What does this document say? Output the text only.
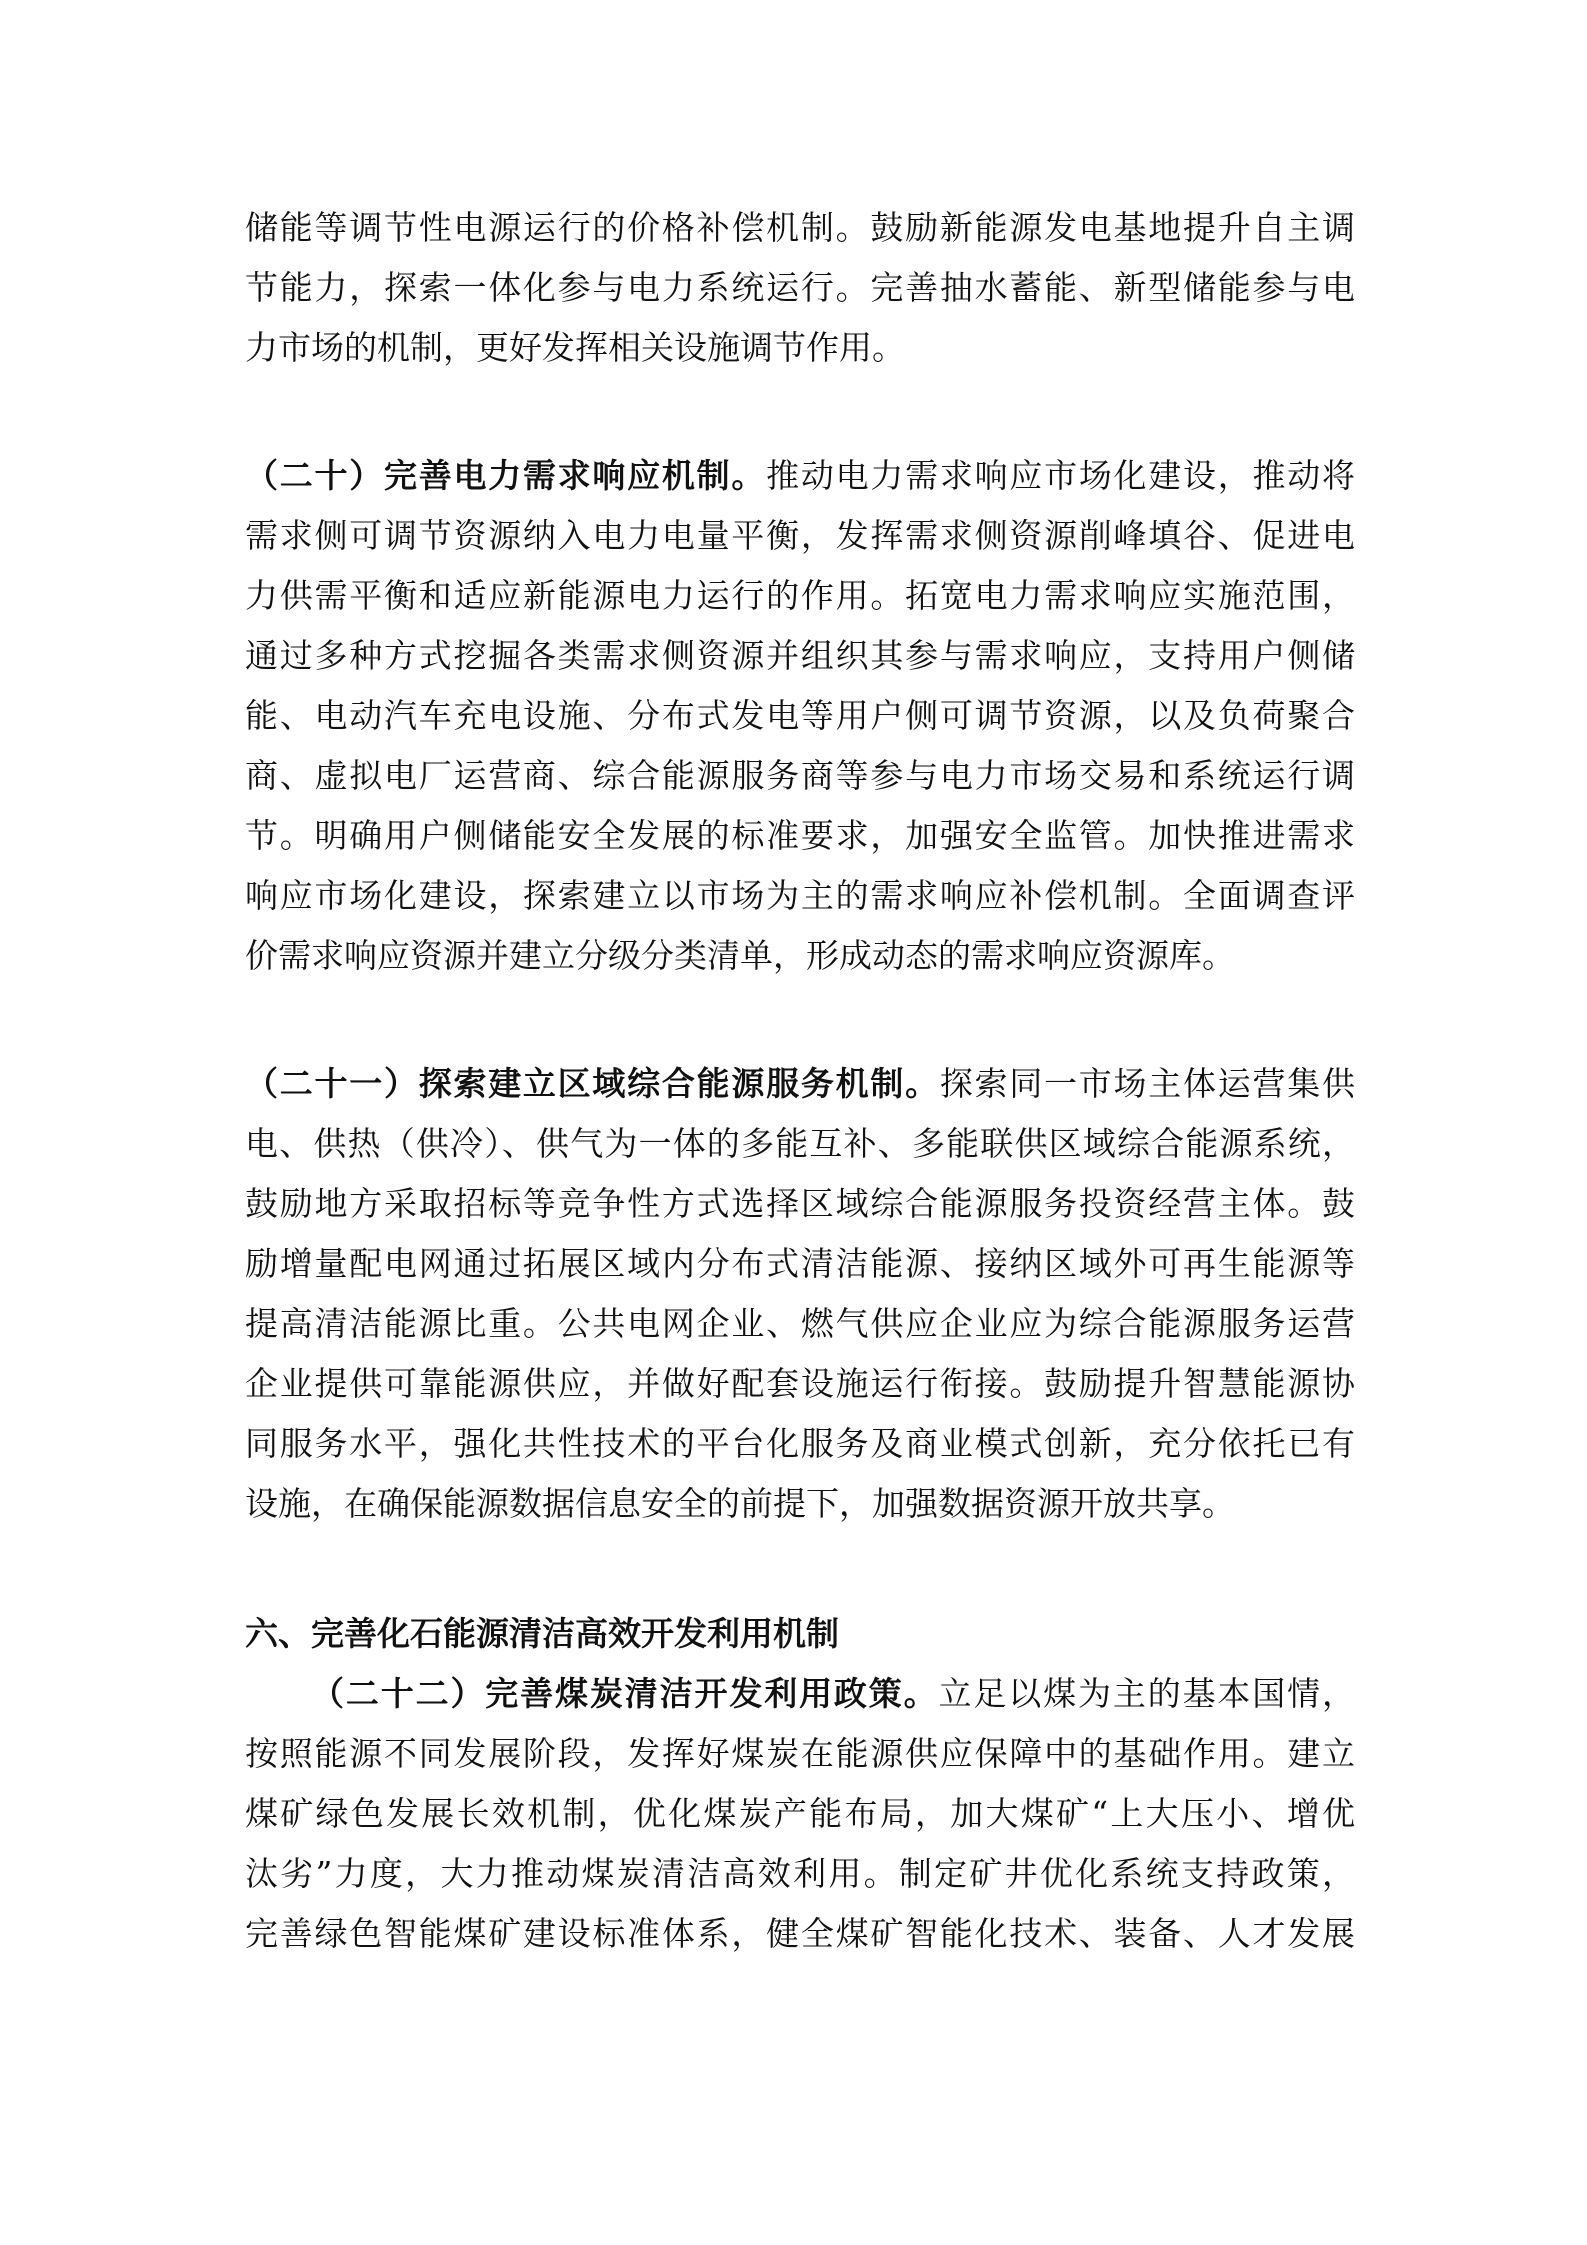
储能等调节性电源运行的价格补偿机制。鼓励新能源发电基地提升自主调
节能力，探索一体化参与电力系统运行。完善抽水蓄能、新型储能参与电
力市场的机制，更好发挥相关设施调节作用。
（二十）完善电力需求响应机制。推动电力需求响应市场化建设，推动将
需求侧可调节资源纳入电力电量平衡，发挥需求侧资源削峰填谷、促进电
力供需平衡和适应新能源电力运行的作用。拓宽电力需求响应实施范围，
通过多种方式挖掘各类需求侧资源并组织其参与需求响应，支持用户侧储
能、电动汽车充电设施、分布式发电等用户侧可调节资源，以及负荷聚合
商、虚拟电厂运营商、综合能源服务商等参与电力市场交易和系统运行调
节。明确用户侧储能安全发展的标准要求，加强安全监管。加快推进需求
响应市场化建设，探索建立以市场为主的需求响应补偿机制。全面调查评
价需求响应资源并建立分级分类清单，形成动态的需求响应资源库。
（二十一）探索建立区域综合能源服务机制。探索同一市场主体运营集供
电、供热（供冷）、供气为一体的多能互补、多能联供区域综合能源系统，
鼓励地方采取招标等竞争性方式选择区域综合能源服务投资经营主体。鼓
励增量配电网通过拓展区域内分布式清洁能源、接纳区域外可再生能源等
提高清洁能源比重。公共电网企业、燃气供应企业应为综合能源服务运营
企业提供可靠能源供应，并做好配套设施运行衔接。鼓励提升智慧能源协
同服务水平，强化共性技术的平台化服务及商业模式创新，充分依托已有
设施，在确保能源数据信息安全的前提下，加强数据资源开放共享。
六、完善化石能源清洁高效开发利用机制
（二十二）完善煤炭清洁开发利用政策。立足以煤为主的基本国情，
按照能源不同发展阶段，发挥好煤炭在能源供应保障中的基础作用。建立
煤矿绿色发展长效机制，优化煤炭产能布局，加大煤矿“上大压小、增优
汰劣”力度，大力推动煤炭清洁高效利用。制定矿井优化系统支持政策，
完善绿色智能煤矿建设标准体系，健全煤矿智能化技术、装备、人才发展
